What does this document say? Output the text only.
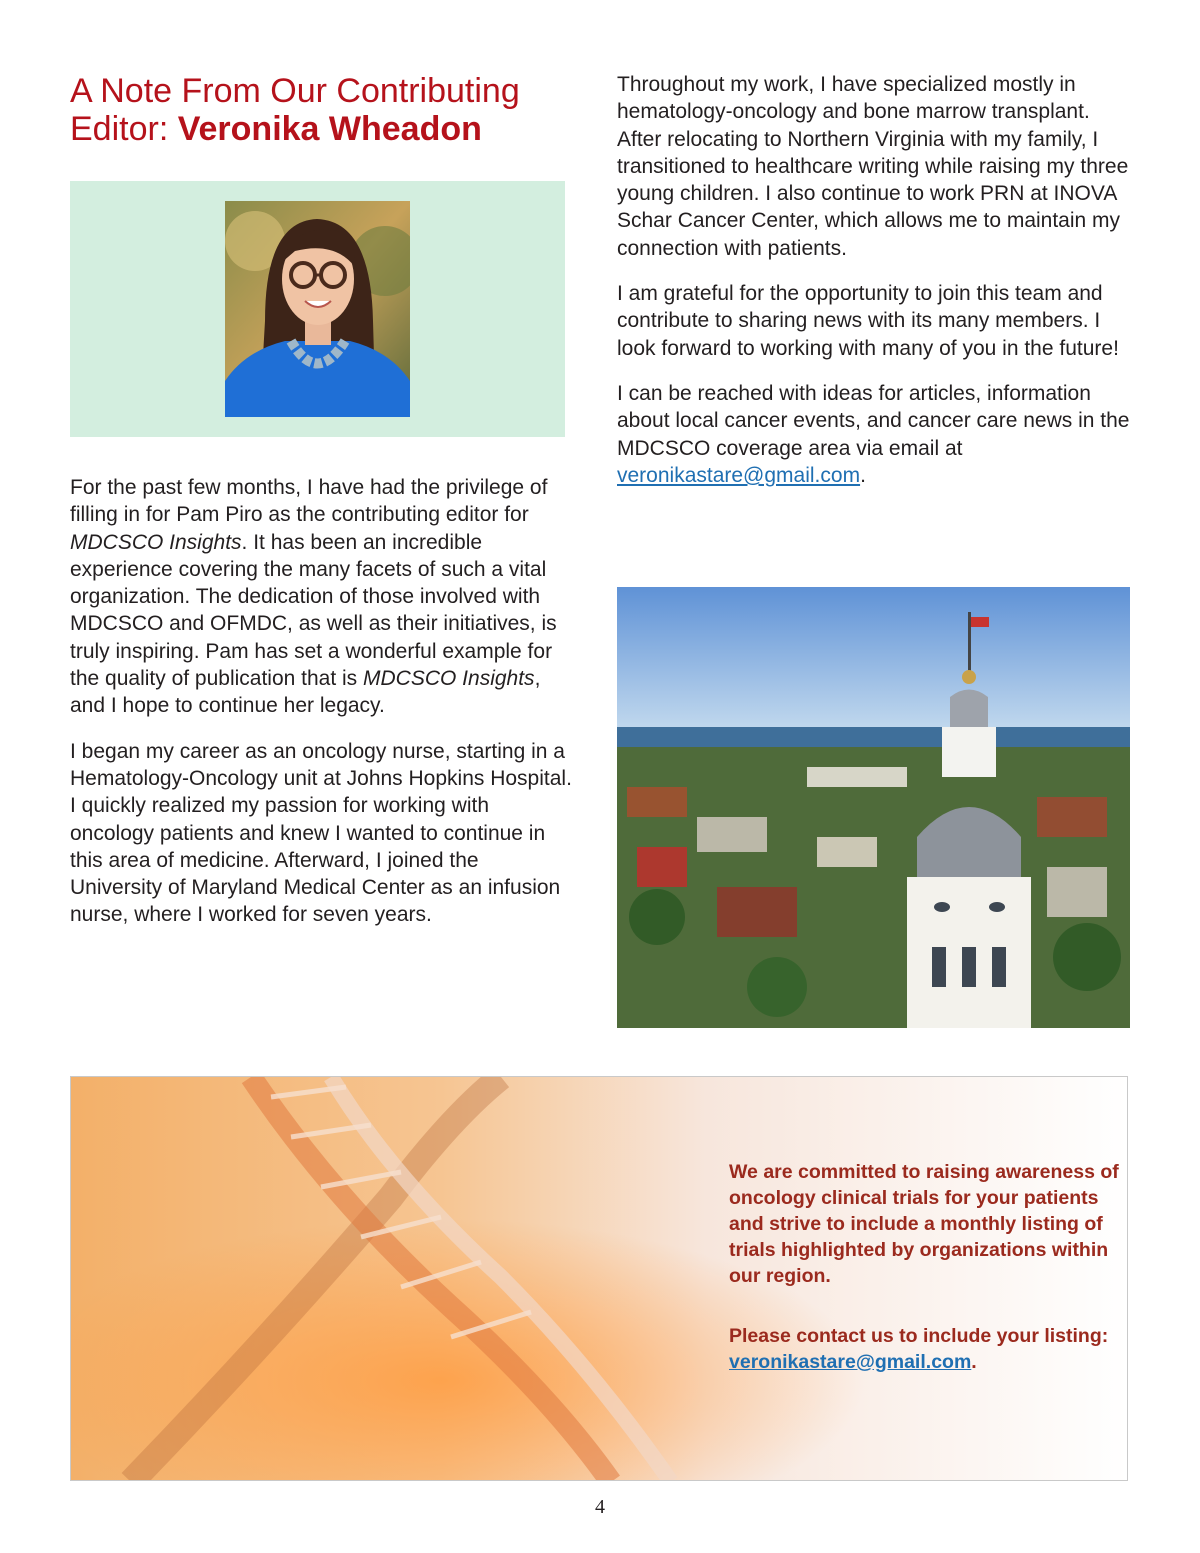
A Note From Our Contributing Editor: Veronika Wheadon

For the past few months, I have had the privilege of filling in for Pam Piro as the contributing editor for MDCSCO Insights. It has been an incredible experience covering the many facets of such a vital organization. The dedication of those involved with MDCSCO and OFMDC, as well as their initiatives, is truly inspiring. Pam has set a wonderful example for the quality of publication that is MDCSCO Insights, and I hope to continue her legacy.

I began my career as an oncology nurse, starting in a Hematology-Oncology unit at Johns Hopkins Hospital. I quickly realized my passion for working with oncology patients and knew I wanted to continue in this area of medicine. Afterward, I joined the University of Maryland Medical Center as an infusion nurse, where I worked for seven years.

Throughout my work, I have specialized mostly in hematology-oncology and bone marrow transplant. After relocating to Northern Virginia with my family, I transitioned to healthcare writing while raising my three young children. I also continue to work PRN at INOVA Schar Cancer Center, which allows me to maintain my connection with patients.

I am grateful for the opportunity to join this team and contribute to sharing news with its many members. I look forward to working with many of you in the future!

I can be reached with ideas for articles, information about local cancer events, and cancer care news in the MDCSCO coverage area via email at veronikastare@gmail.com.

We are committed to raising awareness of oncology clinical trials for your patients and strive to include a monthly listing of trials highlighted by organizations within our region.

Please contact us to include your listing: veronikastare@gmail.com.

4
